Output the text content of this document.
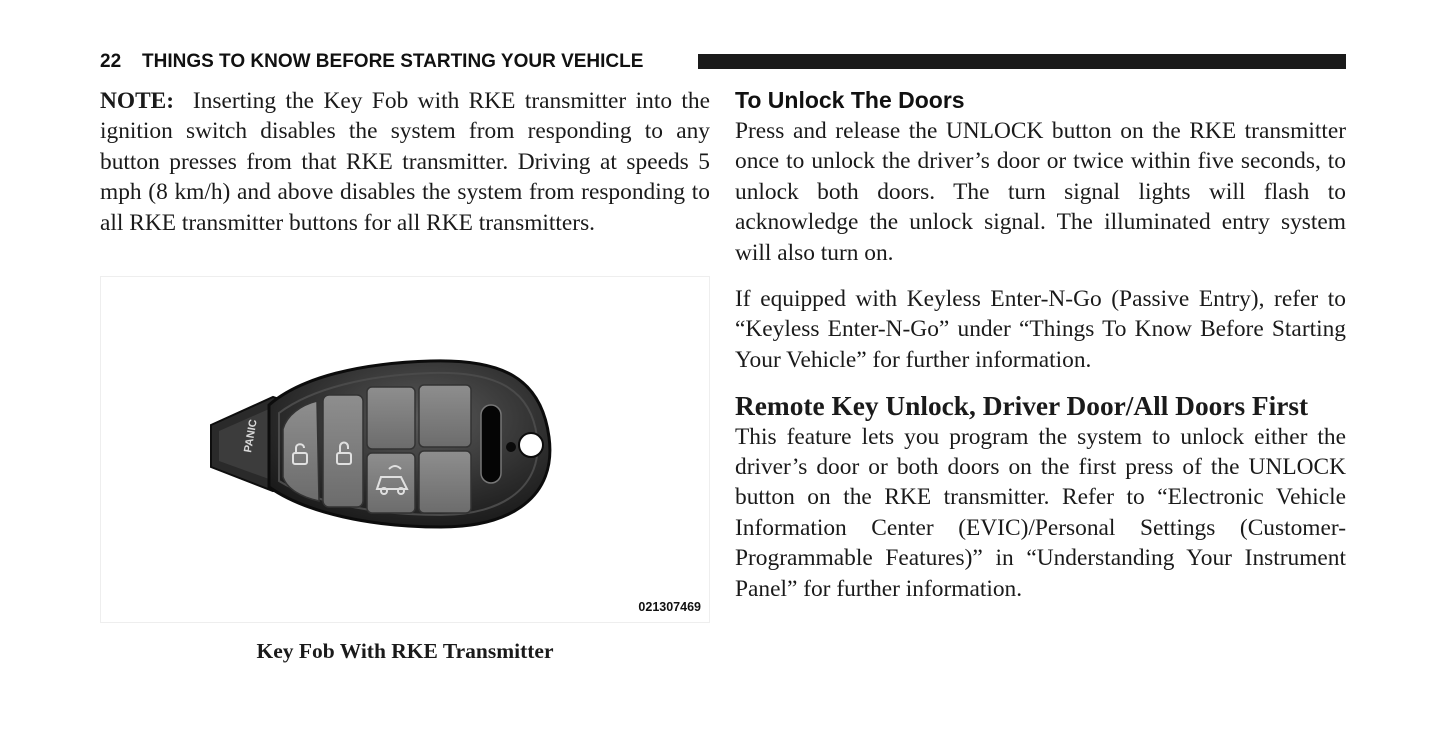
22 THINGS TO KNOW BEFORE STARTING YOUR VEHICLE

NOTE: Inserting the Key Fob with RKE transmitter into the ignition switch disables the system from responding to any button presses from that RKE transmitter. Driving at speeds 5 mph (8 km/h) and above disables the system from responding to all RKE transmitter buttons for all RKE transmitters.

PANIC
021307469
Key Fob With RKE Transmitter
To Unlock The Doors

Press and release the UNLOCK button on the RKE transmitter once to unlock the driver’s door or twice within five seconds, to unlock both doors. The turn signal lights will flash to acknowledge the unlock signal. The illuminated entry system will also turn on.

If equipped with Keyless Enter-N-Go (Passive Entry), refer to “Keyless Enter-N-Go” under “Things To Know Before Starting Your Vehicle” for further information.

Remote Key Unlock, Driver Door/All Doors First

This feature lets you program the system to unlock either the driver’s door or both doors on the first press of the UNLOCK button on the RKE transmitter. Refer to “Electronic Vehicle Information Center (EVIC)/Personal Settings (Customer-Programmable Features)” in “Understanding Your Instrument Panel” for further information.
